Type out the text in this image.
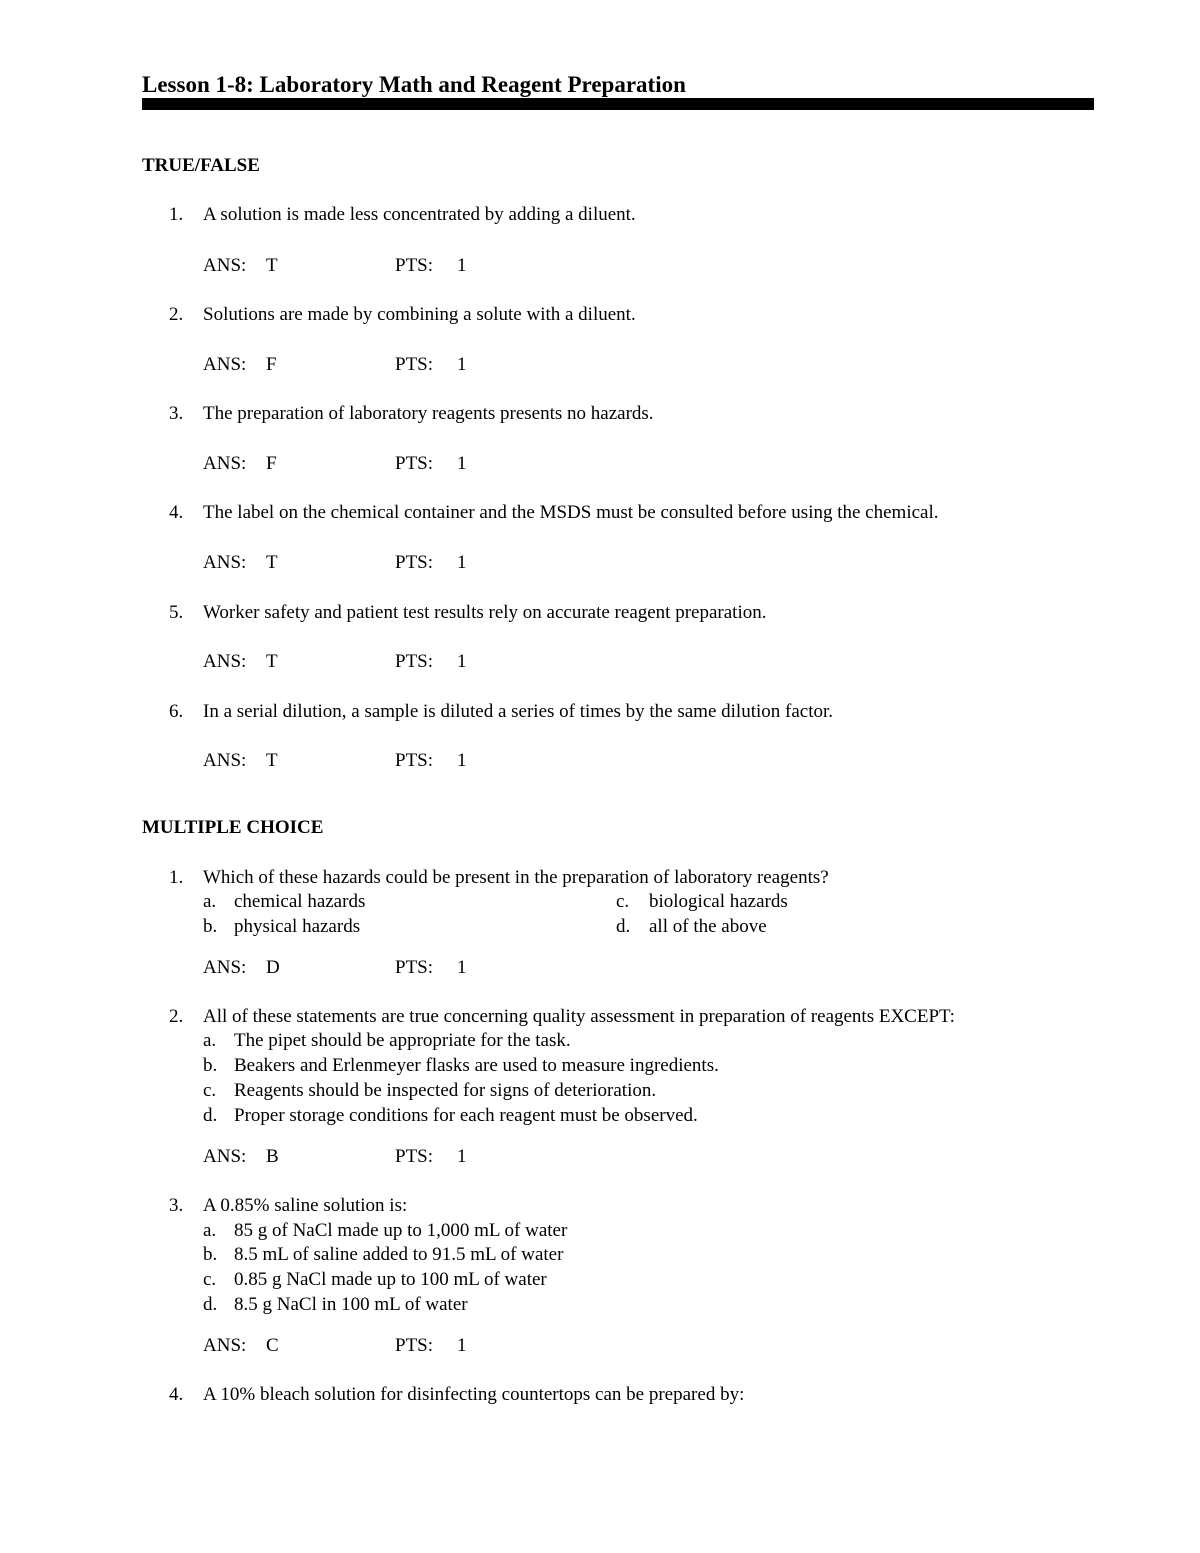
Lesson 1-8: Laboratory Math and Reagent Preparation
TRUE/FALSE
1. A solution is made less concentrated by adding a diluent.
ANS: T	PTS: 1
2. Solutions are made by combining a solute with a diluent.
ANS: F	PTS: 1
3. The preparation of laboratory reagents presents no hazards.
ANS: F	PTS: 1
4. The label on the chemical container and the MSDS must be consulted before using the chemical.
ANS: T	PTS: 1
5. Worker safety and patient test results rely on accurate reagent preparation.
ANS: T	PTS: 1
6. In a serial dilution, a sample is diluted a series of times by the same dilution factor.
ANS: T	PTS: 1
MULTIPLE CHOICE
1. Which of these hazards could be present in the preparation of laboratory reagents?
a. chemical hazards
b. physical hazards
c. biological hazards
d. all of the above
ANS: D	PTS: 1
2. All of these statements are true concerning quality assessment in preparation of reagents EXCEPT:
a. The pipet should be appropriate for the task.
b. Beakers and Erlenmeyer flasks are used to measure ingredients.
c. Reagents should be inspected for signs of deterioration.
d. Proper storage conditions for each reagent must be observed.
ANS: B	PTS: 1
3. A 0.85% saline solution is:
a. 85 g of NaCl made up to 1,000 mL of water
b. 8.5 mL of saline added to 91.5 mL of water
c. 0.85 g NaCl made up to 100 mL of water
d. 8.5 g NaCl in 100 mL of water
ANS: C	PTS: 1
4. A 10% bleach solution for disinfecting countertops can be prepared by:
